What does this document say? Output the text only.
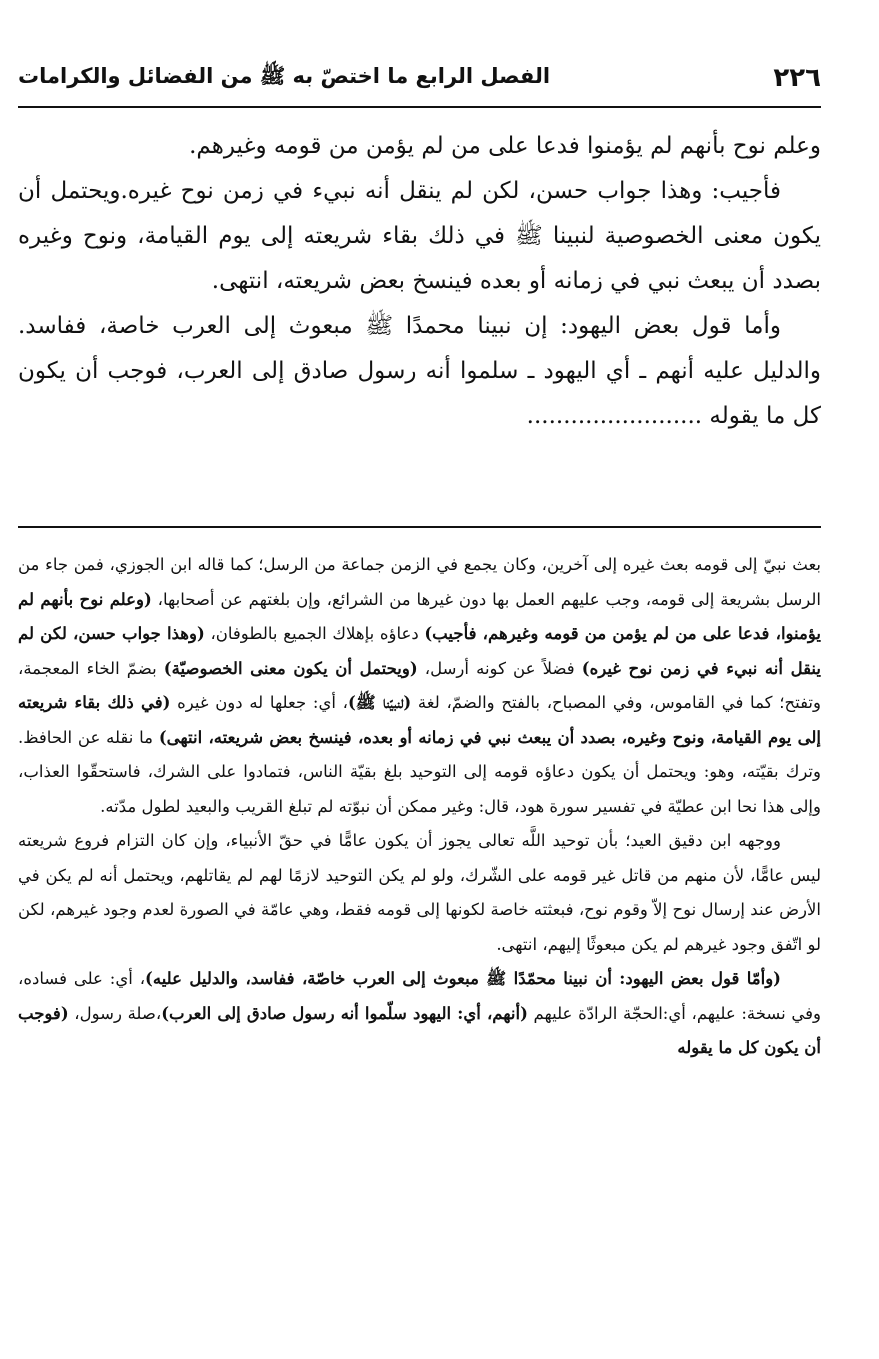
٢٢٦
الفصل الرابع ما اختصّ به ﷺ من الفضائل والكرامات

وعلم نوح بأنهم لم يؤمنوا فدعا على من لم يؤمن من قومه وغيرهم.

فأجيب: وهذا جواب حسن، لكن لم ينقل أنه نبيء في زمن نوح غيره.ويحتمل أن يكون معنى الخصوصية لنبينا ﷺ في ذلك بقاء شريعته إلى يوم القيامة، ونوح وغيره بصدد أن يبعث نبي في زمانه أو بعده فينسخ بعض شريعته، انتهى.

وأما قول بعض اليهود: إن نبينا محمدًا ﷺ مبعوث إلى العرب خاصة، ففاسد. والدليل عليه أنهم ـ أي اليهود ـ سلموا أنه رسول صادق إلى العرب، فوجب أن يكون كل ما يقوله ........................

بعث نبيّ إلى قومه بعث غيره إلى آخرين، وكان يجمع في الزمن جماعة من الرسل؛ كما قاله ابن الجوزي، فمن جاء من الرسل بشريعة إلى قومه، وجب عليهم العمل بها دون غيرها من الشرائع، وإن بلغتهم عن أصحابها، (وعلم نوح بأنهم لم يؤمنوا، فدعا على من لم يؤمن من قومه وغيرهم، فأجيب) دعاؤه بإهلاك الجميع بالطوفان، (وهذا جواب حسن، لكن لم ينقل أنه نبيء في زمن نوح غيره) فضلاً عن كونه أرسل، (ويحتمل أن يكون معنى الخصوصيّة) بضمّ الخاء المعجمة، وتفتح؛ كما في القاموس، وفي المصباح، بالفتح والضمّ، لغة (لنبيّنا ﷺ)، أي: جعلها له دون غيره (في ذلك بقاء شريعته إلى يوم القيامة، ونوح وغيره، بصدد أن يبعث نبي في زمانه أو بعده، فينسخ بعض شريعته، انتهى) ما نقله عن الحافظ. وترك بقيّته، وهو: ويحتمل أن يكون دعاؤه قومه إلى التوحيد بلغ بقيّة الناس، فتمادوا على الشرك، فاستحقّوا العذاب، وإلى هذا نحا ابن عطيّة في تفسير سورة هود، قال: وغير ممكن أن نبوّته لم تبلغ القريب والبعيد لطول مدّته.

ووجهه ابن دقيق العيد؛ بأن توحيد اللَّه تعالى يجوز أن يكون عامًّا في حقّ الأنبياء، وإن كان التزام فروع شريعته ليس عامًّا، لأن منهم من قاتل غير قومه على الشّرك، ولو لم يكن التوحيد لازمًا لهم لم يقاتلهم، ويحتمل أنه لم يكن في الأرض عند إرسال نوح إلاّ وقوم نوح، فبعثته خاصة لكونها إلى قومه فقط، وهي عامّة في الصورة لعدم وجود غيرهم، لكن لو اتّفق وجود غيرهم لم يكن مبعوثًا إليهم، انتهى.

(وأمّا قول بعض اليهود: أن نبينا محمّدًا ﷺ مبعوث إلى العرب خاصّة، ففاسد، والدليل عليه)، أي: على فساده، وفي نسخة: عليهم، أي:الحجّة الرادّة عليهم (أنهم، أي: اليهود سلّموا أنه رسول صادق إلى العرب)،صلة رسول، (فوجب أن يكون كل ما يقوله
